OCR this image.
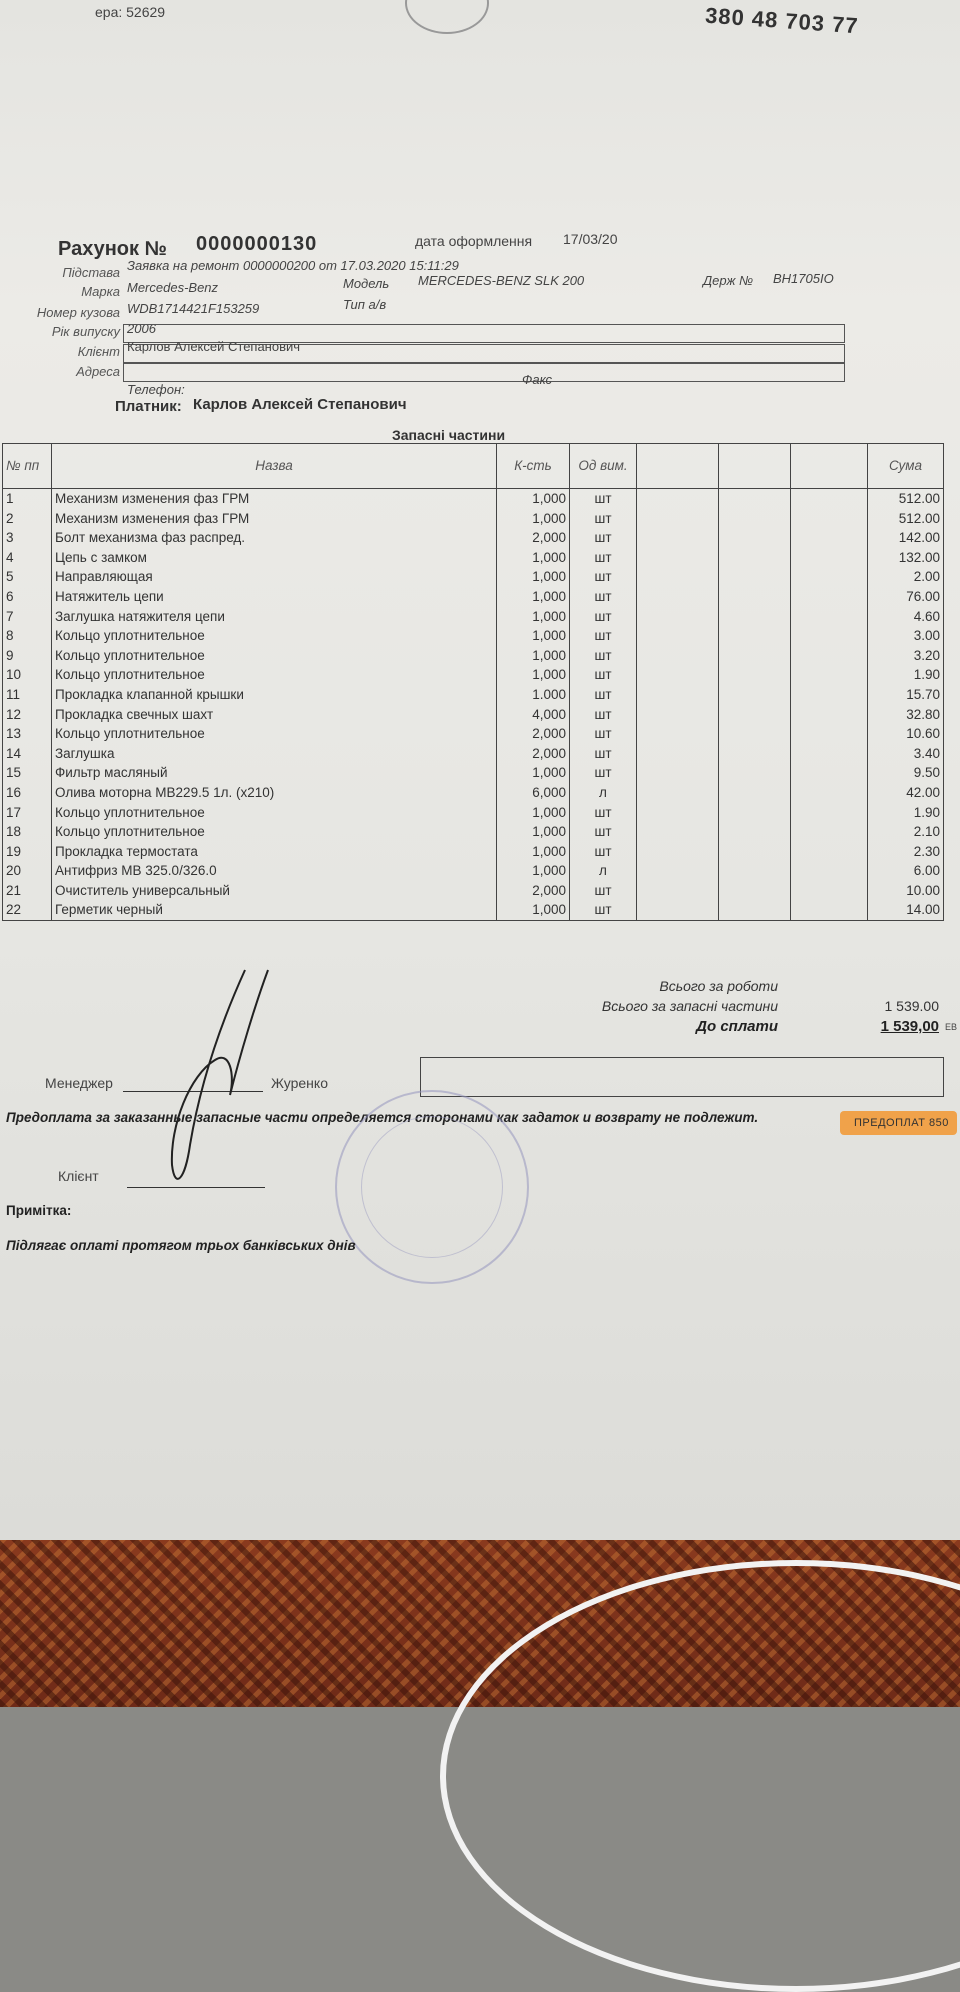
ера: 52629	380 48 703 77
Рахунок № 0000000130	дата оформлення 17/03/20
Підстава Заявка на ремонт 0000000200 от 17.03.2020 15:11:29
Марка Mercedes-Benz	Модель MERCEDES-BENZ SLK 200	Держ № ВН1705IO
Номер кузова WDB1714421F153259	Тип а/в
Рік випуску 2006
Клієнт Карлов Алексей Степанович
Адреса
Телефон:
Факс
Платник: Карлов Алексей Степанович
Запасні частини
№ пп	Назва	К-сть	Од вим.				Сума
1	Механизм изменения фаз ГРМ	1,000	шт				512.00
2	Механизм изменения фаз ГРМ	1,000	шт				512.00
3	Болт механизма фаз распред.	2,000	шт				142.00
4	Цепь с замком	1,000	шт				132.00
5	Направляющая	1,000	шт				2.00
6	Натяжитель цепи	1,000	шт				76.00
7	Заглушка натяжителя цепи	1,000	шт				4.60
8	Кольцо уплотнительное	1,000	шт				3.00
9	Кольцо уплотнительное	1,000	шт				3.20
10	Кольцо уплотнительное	1,000	шт				1.90
11	Прокладка клапанной крышки	1.000	шт				15.70
12	Прокладка свечных шахт	4,000	шт				32.80
13	Кольцо уплотнительное	2,000	шт				10.60
14	Заглушка	2,000	шт				3.40
15	Фильтр масляный	1,000	шт				9.50
16	Олива моторна МВ229.5 1л. (x210)	6,000	л				42.00
17	Кольцо уплотнительное	1,000	шт				1.90
18	Кольцо уплотнительное	1,000	шт				2.10
19	Прокладка термостата	1,000	шт				2.30
20	Антифриз МВ 325.0/326.0	1,000	л				6.00
21	Очиститель универсальный	2,000	шт				10.00
22	Герметик черный	1,000	шт				14.00
Всього за роботи
Всього за запасні частини	1 539.00
До сплати	1 539,00 ЕВ
Менеджер	Журенко
Предоплата за заказанные запасные части определяется сторонами как задаток и возврату не подлежит.	ПРЕДОПЛАТ 850
Клієнт
Примітка:
Підлягає оплаті протягом трьох банківських днів
